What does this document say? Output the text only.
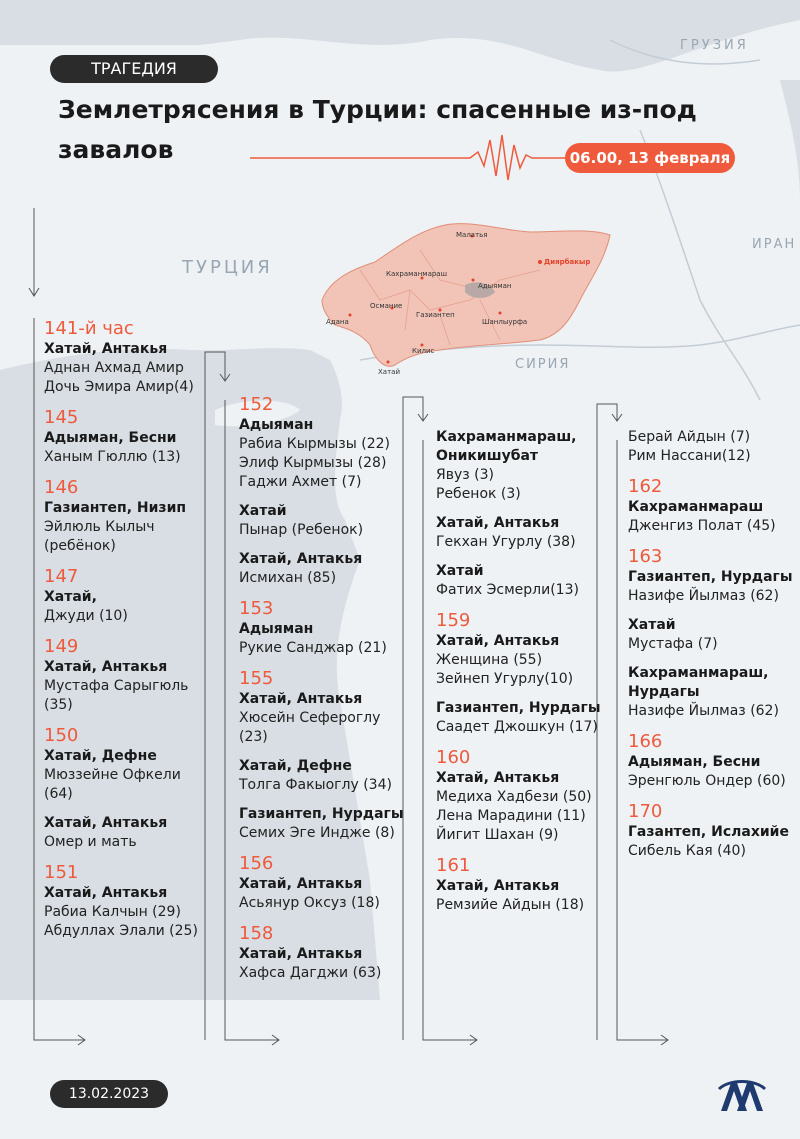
ГРУЗИЯ
ТУРЦИЯ
ИРАН
СИРИЯ
Малатья
Диярбакыр
Кахраманмараш
Адыяман
Османие
Газиантеп
Шанлыурфа
Адана
Килис
Хатай
ТРАГЕДИЯ
Землетрясения в Турции: спасенные из-под завалов	06.00, 13 февраля
141-й час
Хатай, Антакья
Аднан Ахмад Амир
Дочь Эмира Амир(4)
145
Адыяман, Бесни
Ханым Гюллю (13)
146
Газиантеп, Низип
Эйлюль Кылыч (ребёнок)
147
Хатай,
Джуди (10)
149
Хатай, Антакья
Мустафа Сарыгюль (35)
150
Хатай, Дефне
Мюззейне Офкели (64)
Хатай, Антакья
Омер и мать
151
Хатай, Антакья
Рабиа Калчын (29)
Абдуллах Элали (25)
152
Адыяман
Рабиа Кырмызы (22)
Элиф Кырмызы (28)
Гаджи Ахмет (7)
Хатай
Пынар (Ребенок)
Хатай, Антакья
Исмихан (85)
153
Адыяман
Рукие Санджар (21)
155
Хатай, Антакья
Хюсейн Сефероглу (23)
Хатай, Дефне
Толга Факыоглу (34)
Газиантеп, Нурдагы
Семих Эге Индже (8)
156
Хатай, Антакья
Асьянур Оксуз (18)
158
Хатай, Антакья
Хафса Дагджи (63)
Кахраманмараш, Оникишубат
Явуз (3)
Ребенок (3)
Хатай, Антакья
Гекхан Угурлу (38)
Хатай
Фатих Эсмерли(13)
159
Хатай, Антакья
Женщина (55)
Зейнеп Угурлу(10)
Газиантеп, Нурдагы
Саадет Джошкун (17)
160
Хатай, Антакья
Медиха Хадбези (50)
Лена Марадини (11)
Йигит Шахан (9)
161
Хатай, Антакья
Ремзийе Айдын (18)
Берай Айдын (7)
Рим Нассани(12)
162
Кахраманмараш
Дженгиз Полат (45)
163
Газиантеп, Нурдагы
Назифе Йылмаз (62)
Хатай
Мустафа (7)
Кахраманмараш, Нурдагы
Назифе Йылмаз (62)
166
Адыяман, Бесни
Эренгюль Ондер (60)
170
Газантеп, Ислахийе
Сибель Кая (40)
13.02.2023
